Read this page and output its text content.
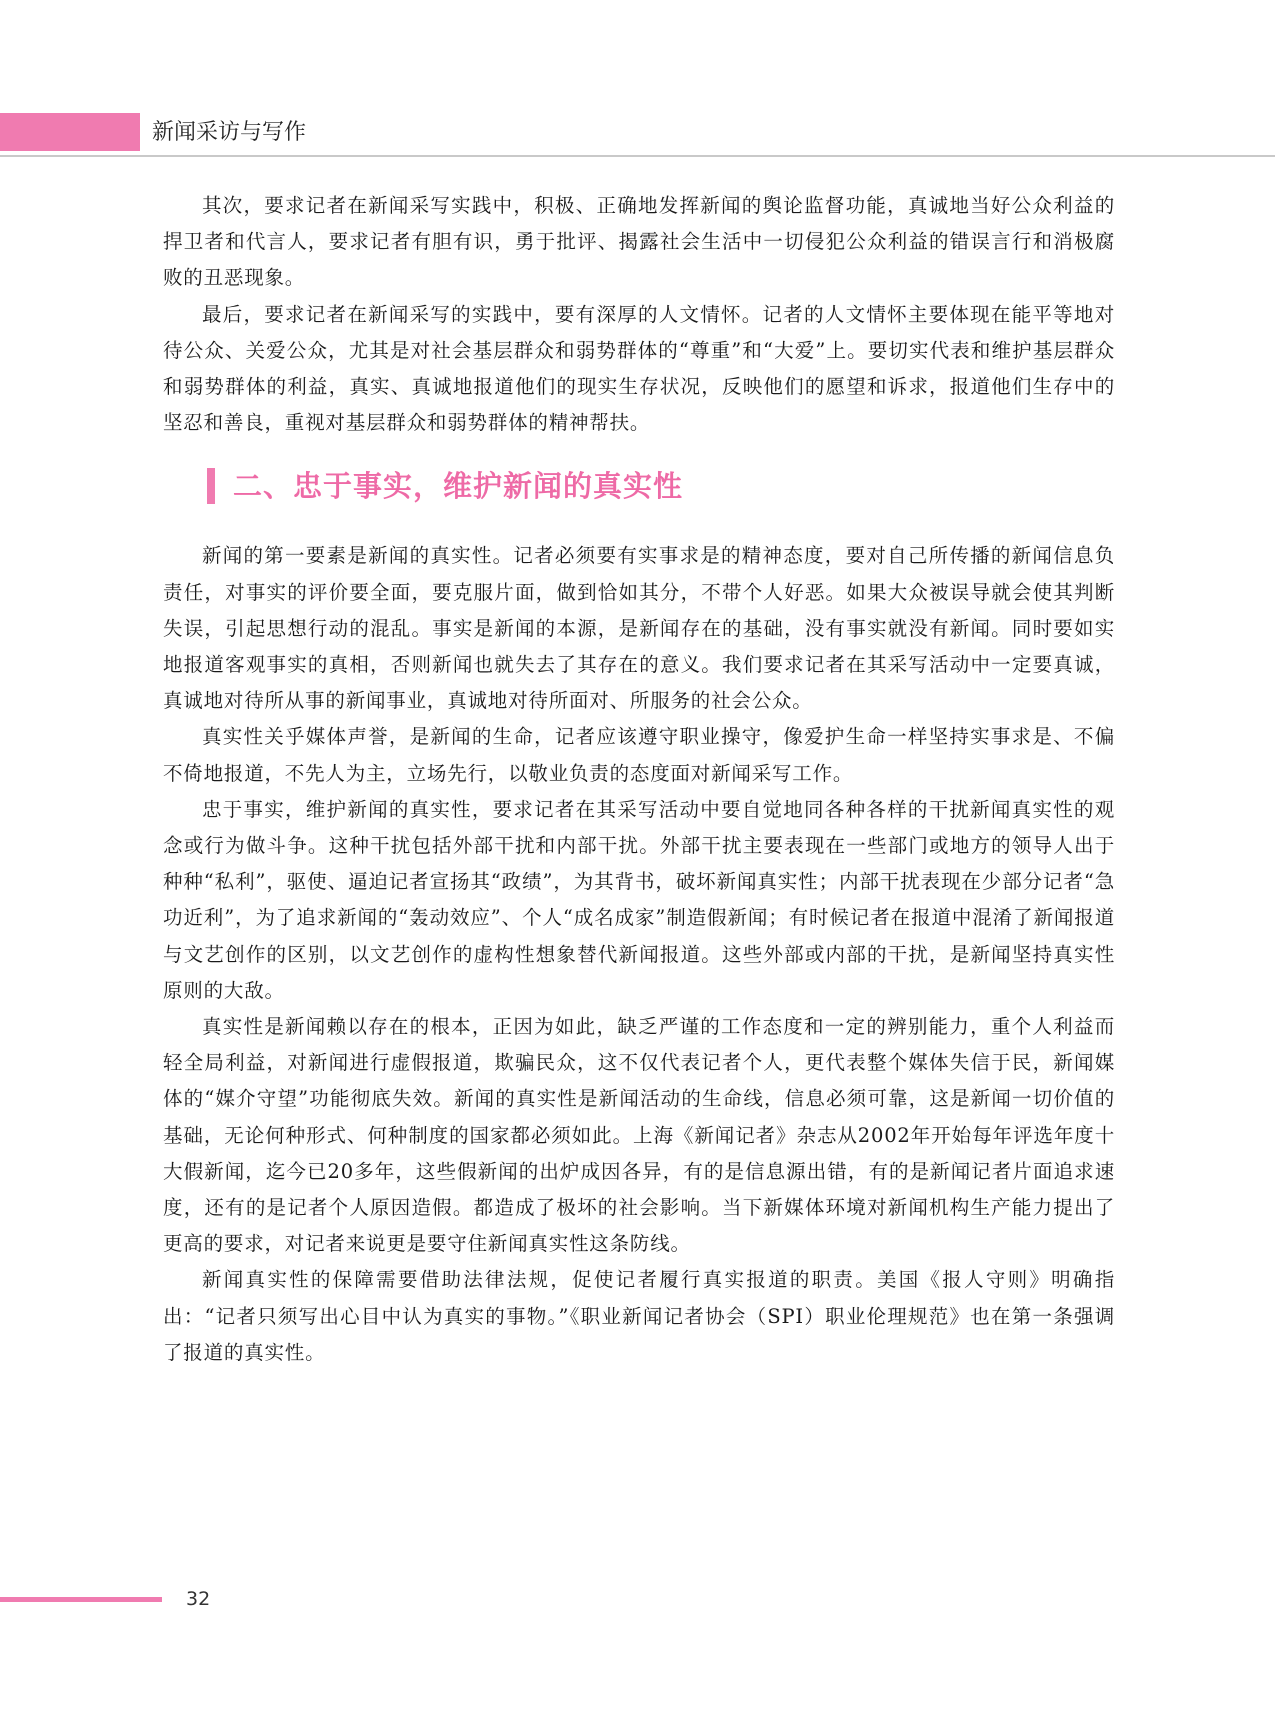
新闻采访与写作

其次，要求记者在新闻采写实践中，积极、正确地发挥新闻的舆论监督功能，真诚地当好公众利益的捍卫者和代言人，要求记者有胆有识，勇于批评、揭露社会生活中一切侵犯公众利益的错误言行和消极腐败的丑恶现象。

最后，要求记者在新闻采写的实践中，要有深厚的人文情怀。记者的人文情怀主要体现在能平等地对待公众、关爱公众，尤其是对社会基层群众和弱势群体的“尊重”和“大爱”上。要切实代表和维护基层群众和弱势群体的利益，真实、真诚地报道他们的现实生存状况，反映他们的愿望和诉求，报道他们生存中的坚忍和善良，重视对基层群众和弱势群体的精神帮扶。

二、忠于事实，维护新闻的真实性

新闻的第一要素是新闻的真实性。记者必须要有实事求是的精神态度，要对自己所传播的新闻信息负责任，对事实的评价要全面，要克服片面，做到恰如其分，不带个人好恶。如果大众被误导就会使其判断失误，引起思想行动的混乱。事实是新闻的本源，是新闻存在的基础，没有事实就没有新闻。同时要如实地报道客观事实的真相，否则新闻也就失去了其存在的意义。我们要求记者在其采写活动中一定要真诚，真诚地对待所从事的新闻事业，真诚地对待所面对、所服务的社会公众。

真实性关乎媒体声誉，是新闻的生命，记者应该遵守职业操守，像爱护生命一样坚持实事求是、不偏不倚地报道，不先人为主，立场先行，以敬业负责的态度面对新闻采写工作。

忠于事实，维护新闻的真实性，要求记者在其采写活动中要自觉地同各种各样的干扰新闻真实性的观念或行为做斗争。这种干扰包括外部干扰和内部干扰。外部干扰主要表现在一些部门或地方的领导人出于种种“私利”，驱使、逼迫记者宣扬其“政绩”，为其背书，破坏新闻真实性；内部干扰表现在少部分记者“急功近利”，为了追求新闻的“轰动效应”、个人“成名成家”制造假新闻；有时候记者在报道中混淆了新闻报道与文艺创作的区别，以文艺创作的虚构性想象替代新闻报道。这些外部或内部的干扰，是新闻坚持真实性原则的大敌。

真实性是新闻赖以存在的根本，正因为如此，缺乏严谨的工作态度和一定的辨别能力，重个人利益而轻全局利益，对新闻进行虚假报道，欺骗民众，这不仅代表记者个人，更代表整个媒体失信于民，新闻媒体的“媒介守望”功能彻底失效。新闻的真实性是新闻活动的生命线，信息必须可靠，这是新闻一切价值的基础，无论何种形式、何种制度的国家都必须如此。上海《新闻记者》杂志从2002年开始每年评选年度十大假新闻，迄今已20多年，这些假新闻的出炉成因各异，有的是信息源出错，有的是新闻记者片面追求速度，还有的是记者个人原因造假。都造成了极坏的社会影响。当下新媒体环境对新闻机构生产能力提出了更高的要求，对记者来说更是要守住新闻真实性这条防线。

新闻真实性的保障需要借助法律法规，促使记者履行真实报道的职责。美国《报人守则》明确指出：“记者只须写出心目中认为真实的事物。”《职业新闻记者协会（SPI）职业伦理规范》也在第一条强调了报道的真实性。

32
